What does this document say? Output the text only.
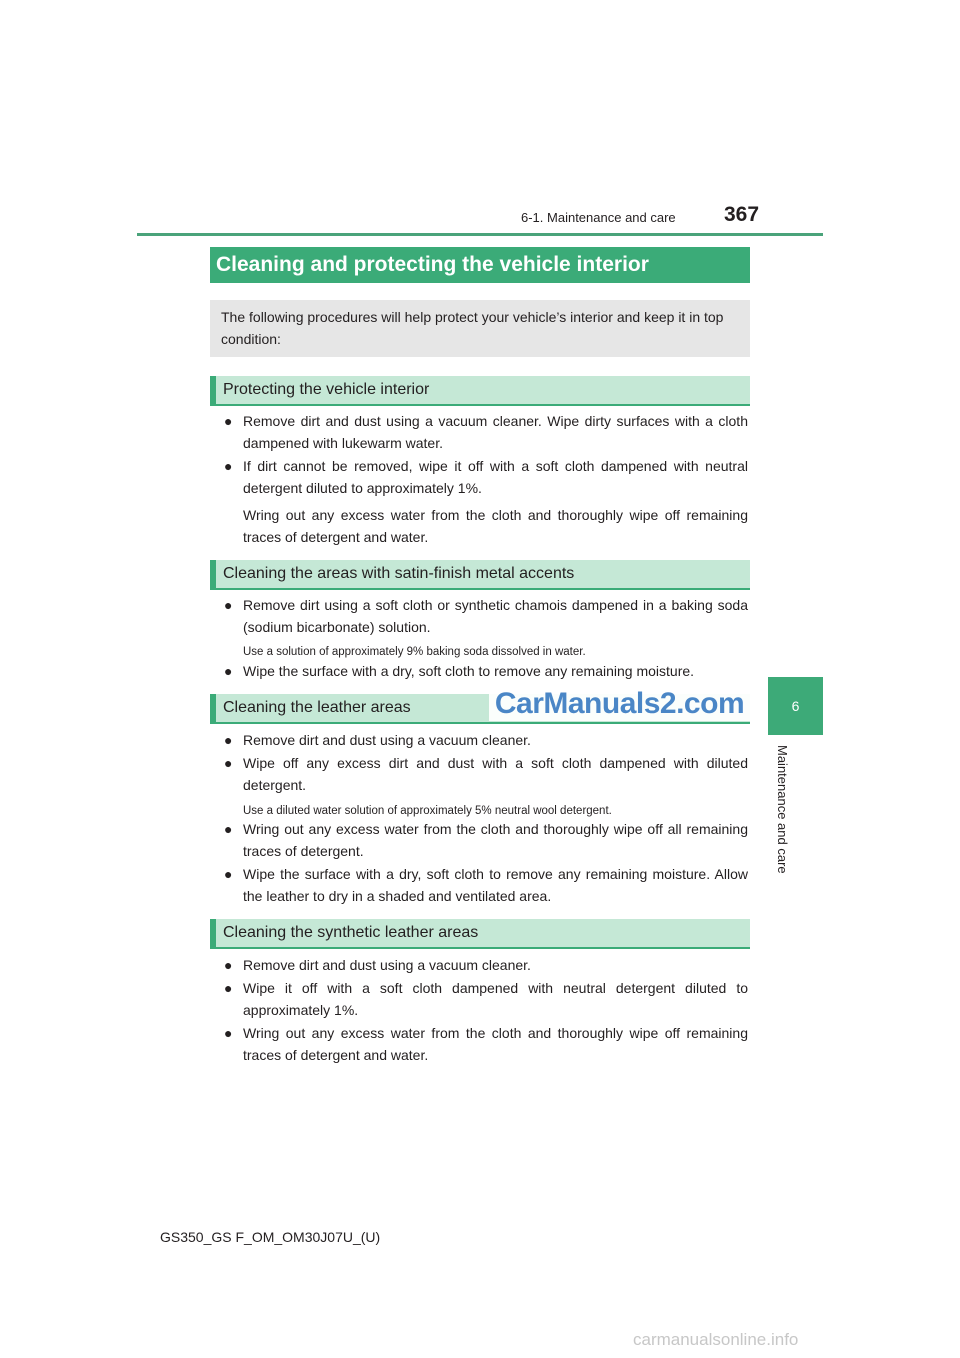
6-1. Maintenance and care 367
6
Maintenance and care
Cleaning and protecting the vehicle interior
The following procedures will help protect your vehicle’s interior and keep it in top condition:
Protecting the vehicle interior
● Remove dirt and dust using a vacuum cleaner. Wipe dirty surfaces with a cloth dampened with lukewarm water.
● If dirt cannot be removed, wipe it off with a soft cloth dampened with neutral detergent diluted to approximately 1%.
Wring out any excess water from the cloth and thoroughly wipe off remaining traces of detergent and water.
Cleaning the areas with satin-finish metal accents
● Remove dirt using a soft cloth or synthetic chamois dampened in a baking soda (sodium bicarbonate) solution.
Use a solution of approximately 9% baking soda dissolved in water.
● Wipe the surface with a dry, soft cloth to remove any remaining moisture.
Cleaning the leather areas
● Remove dirt and dust using a vacuum cleaner.
● Wipe off any excess dirt and dust with a soft cloth dampened with diluted detergent.
Use a diluted water solution of approximately 5% neutral wool detergent.
● Wring out any excess water from the cloth and thoroughly wipe off all remaining traces of detergent.
● Wipe the surface with a dry, soft cloth to remove any remaining moisture. Allow the leather to dry in a shaded and ventilated area.
Cleaning the synthetic leather areas
● Remove dirt and dust using a vacuum cleaner.
● Wipe it off with a soft cloth dampened with neutral detergent diluted to approximately 1%.
● Wring out any excess water from the cloth and thoroughly wipe off remaining traces of detergent and water.
CarManuals2.com
GS350_GS F_OM_OM30J07U_(U)
carmanualsonline.info
